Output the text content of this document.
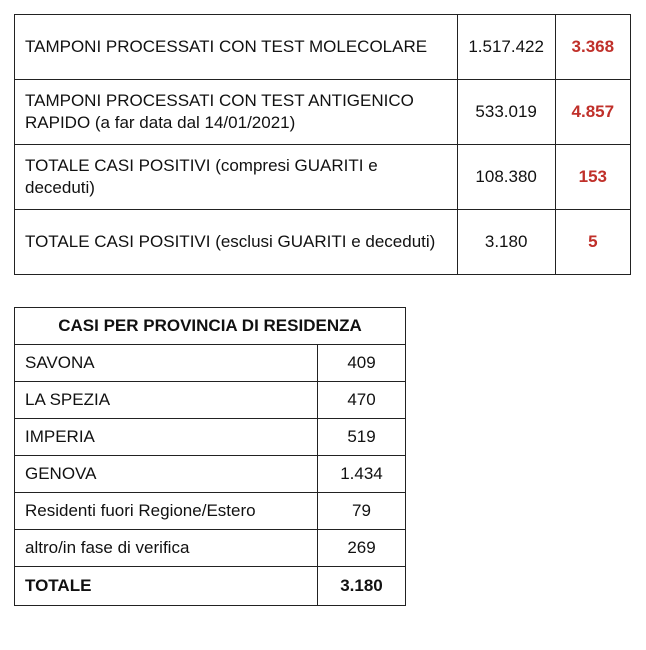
TAMPONI PROCESSATI CON TEST MOLECOLARE	1.517.422	3.368
TAMPONI PROCESSATI CON TEST ANTIGENICO RAPIDO (a far data dal 14/01/2021)	533.019	4.857
TOTALE CASI POSITIVI (compresi GUARITI e deceduti)	108.380	153
TOTALE CASI POSITIVI (esclusi GUARITI e deceduti)	3.180	5
CASI PER PROVINCIA DI RESIDENZA	
SAVONA	409
LA SPEZIA	470
IMPERIA	519
GENOVA	1.434
Residenti fuori Regione/Estero	79
altro/in fase di verifica	269
TOTALE	3.180
